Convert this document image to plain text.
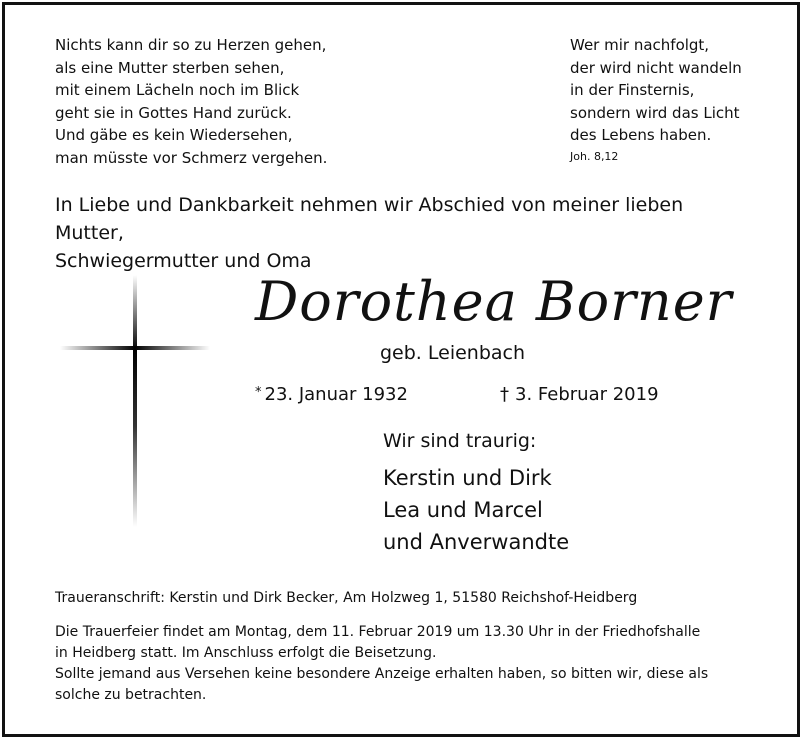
Nichts kann dir so zu Herzen gehen,
als eine Mutter sterben sehen,
mit einem Lächeln noch im Blick
geht sie in Gottes Hand zurück.
Und gäbe es kein Wiedersehen,
man müsste vor Schmerz vergehen.
Wer mir nachfolgt,
der wird nicht wandeln
in der Finsternis,
sondern wird das Licht
des Lebens haben.
Joh. 8,12
In Liebe und Dankbarkeit nehmen wir Abschied von meiner lieben Mutter,
Schwiegermutter und Oma
Dorothea Borner
geb. Leienbach
* 23. Januar 1932	† 3. Februar 2019
Wir sind traurig:
Kerstin und Dirk
Lea und Marcel
und Anverwandte
Traueranschrift: Kerstin und Dirk Becker, Am Holzweg 1, 51580 Reichshof-Heidberg
Die Trauerfeier findet am Montag, dem 11. Februar 2019 um 13.30 Uhr in der Friedhofshalle
in Heidberg statt. Im Anschluss erfolgt die Beisetzung.
Sollte jemand aus Versehen keine besondere Anzeige erhalten haben, so bitten wir, diese als
solche zu betrachten.
